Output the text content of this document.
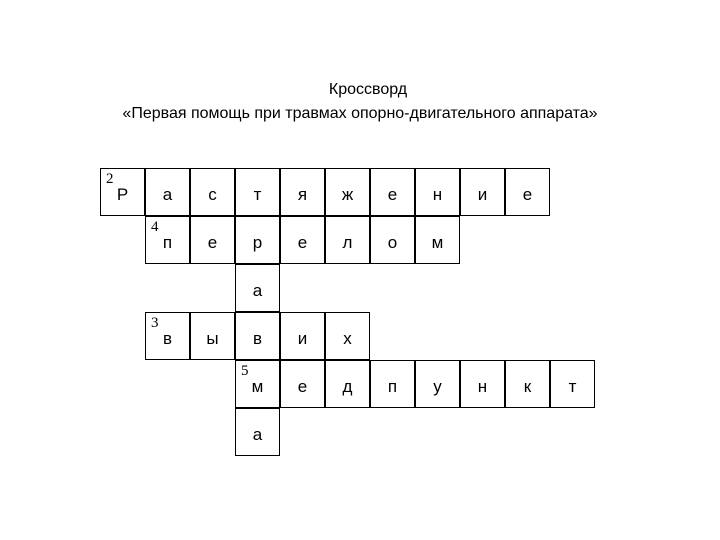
Кроссворд
«Первая помощь при травмах опорно-двигательного аппарата»
2
Р	а	с	т	я	ж	е	н	и	е
4
п	е	р	е	л	о	м
а
3
в	ы	в	и	х
5
м	е	д	п	у	н	к	т
а
